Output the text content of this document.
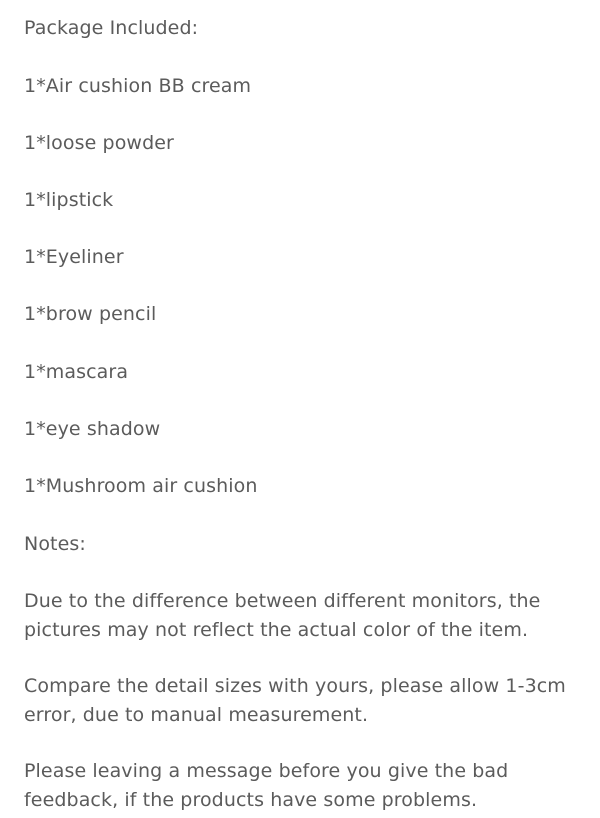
Package Included:

1*Air cushion BB cream

1*loose powder

1*lipstick

1*Eyeliner

1*brow pencil

1*mascara

1*eye shadow

1*Mushroom air cushion

Notes:

Due to the difference between different monitors, the pictures may not reflect the actual color of the item.

Compare the detail sizes with yours, please allow 1-3cm error, due to manual measurement.

Please leaving a message before you give the bad feedback, if the products have some problems.
